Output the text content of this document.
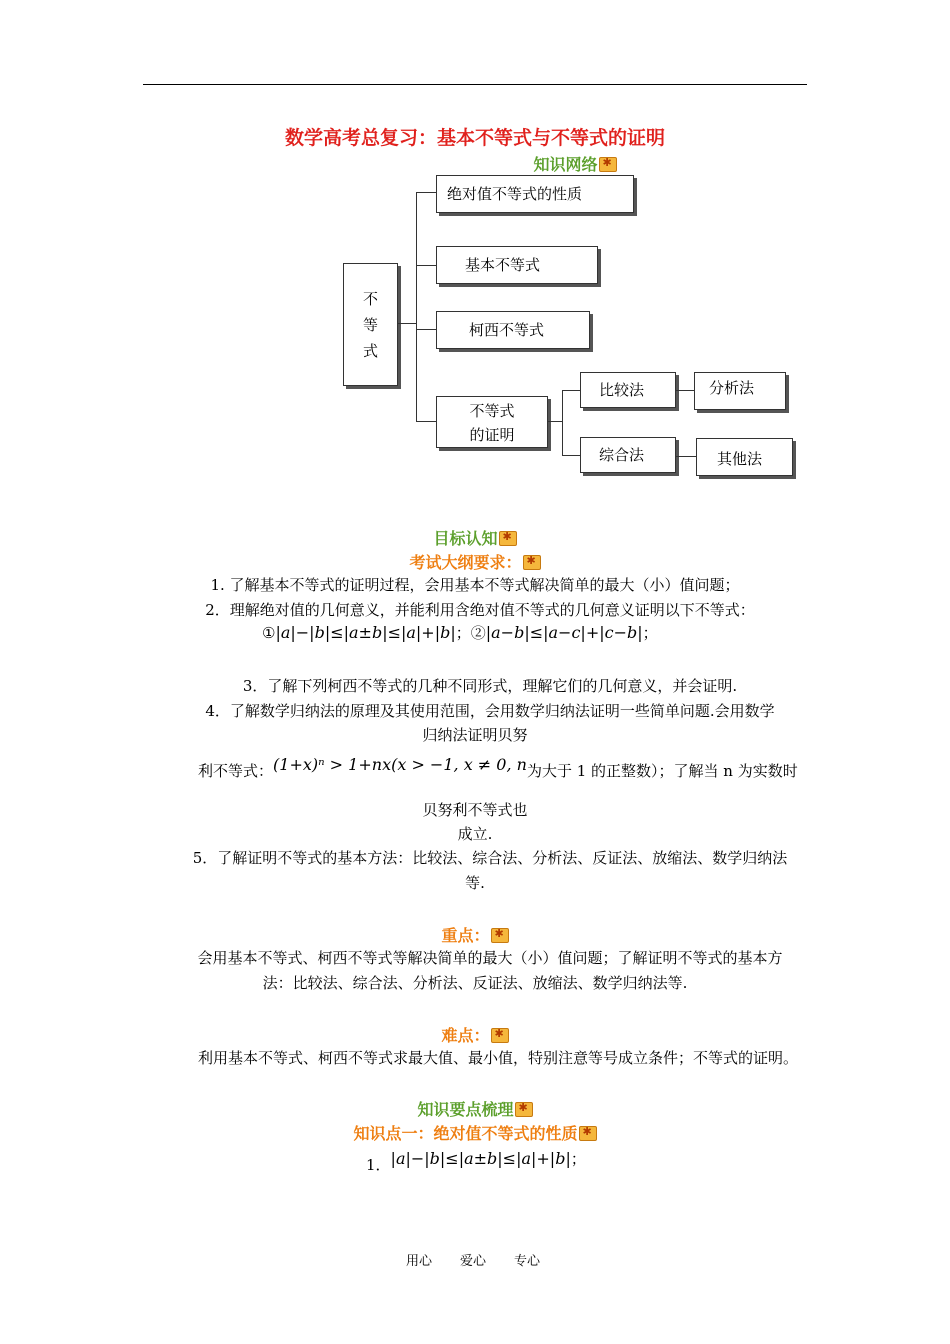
数学高考总复习：基本不等式与不等式的证明
知识网络✱
不
等
式
绝对值不等式的性质
基本不等式
柯西不等式
不等式
的证明
比较法	分析法
综合法	其他法
目标认知✱
考试大纲要求：✱
1. 了解基本不等式的证明过程，会用基本不等式解决简单的最大（小）值问题；
2．理解绝对值的几何意义，并能利用含绝对值不等式的几何意义证明以下不等式：
①|a|−|b|≤|a±b|≤|a|+|b|；②|a−b|≤|a−c|+|c−b|；
3．了解下列柯西不等式的几种不同形式，理解它们的几何意义，并会证明.
4．了解数学归纳法的原理及其使用范围，会用数学归纳法证明一些简单问题.会用数学
归纳法证明贝努
利不等式：(1+x)ⁿ > 1+nx(x > −1, x ≠ 0, n为大于 1 的正整数）；了解当 n 为实数时
贝努利不等式也
成立.
5．了解证明不等式的基本方法：比较法、综合法、分析法、反证法、放缩法、数学归纳法
等.
重点：✱
会用基本不等式、柯西不等式等解决简单的最大（小）值问题；了解证明不等式的基本方
法：比较法、综合法、分析法、反证法、放缩法、数学归纳法等.
难点：✱
利用基本不等式、柯西不等式求最大值、最小值，特别注意等号成立条件；不等式的证明。
知识要点梳理✱
知识点一：绝对值不等式的性质✱
1．|a|−|b|≤|a±b|≤|a|+|b|；
用心 爱心 专心
